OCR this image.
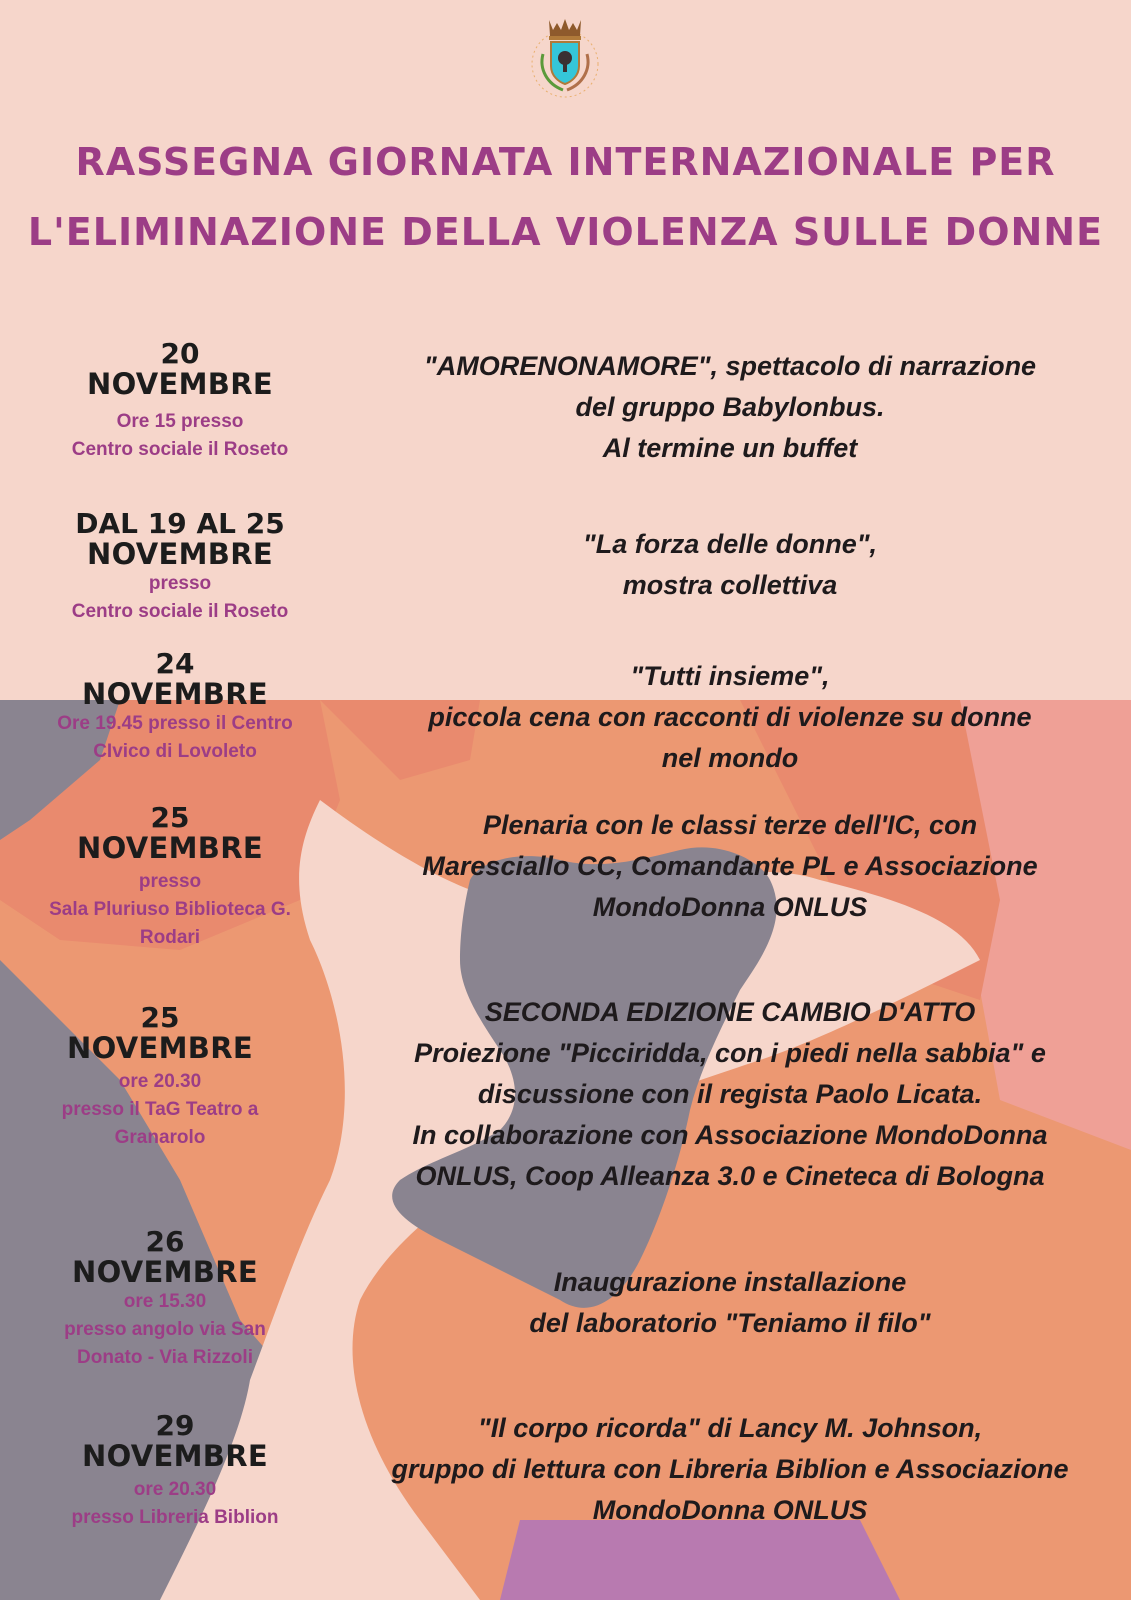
RASSEGNA GIORNATA INTERNAZIONALE PER
L'ELIMINAZIONE DELLA VIOLENZA SULLE DONNE
20
NOVEMBRE
Ore 15 presso
Centro sociale il Roseto
"AMORENONAMORE", spettacolo di narrazione
del gruppo Babylonbus.
Al termine un buffet
DAL 19 AL 25
NOVEMBRE
presso
Centro sociale il Roseto
"La forza delle donne",
mostra collettiva
24
NOVEMBRE
Ore 19.45 presso il Centro
CIvico di Lovoleto
"Tutti insieme",
piccola cena con racconti di violenze su donne
nel mondo
25
NOVEMBRE
presso
Sala Pluriuso Biblioteca G.
Rodari
Plenaria con le classi terze dell'IC, con
Maresciallo CC, Comandante PL e Associazione
MondoDonna ONLUS
25
NOVEMBRE
ore 20.30
presso il TaG Teatro a
Granarolo
SECONDA EDIZIONE CAMBIO D'ATTO
Proiezione "Picciridda, con i piedi nella sabbia" e
discussione con il regista Paolo Licata.
In collaborazione con Associazione MondoDonna
ONLUS, Coop Alleanza 3.0 e Cineteca di Bologna
26
NOVEMBRE
ore 15.30
presso angolo via San
Donato - Via Rizzoli
Inaugurazione installazione
del laboratorio "Teniamo il filo"
29
NOVEMBRE
ore 20.30
presso Libreria Biblion
"Il corpo ricorda" di Lancy M. Johnson,
gruppo di lettura con Libreria Biblion e Associazione
MondoDonna ONLUS
